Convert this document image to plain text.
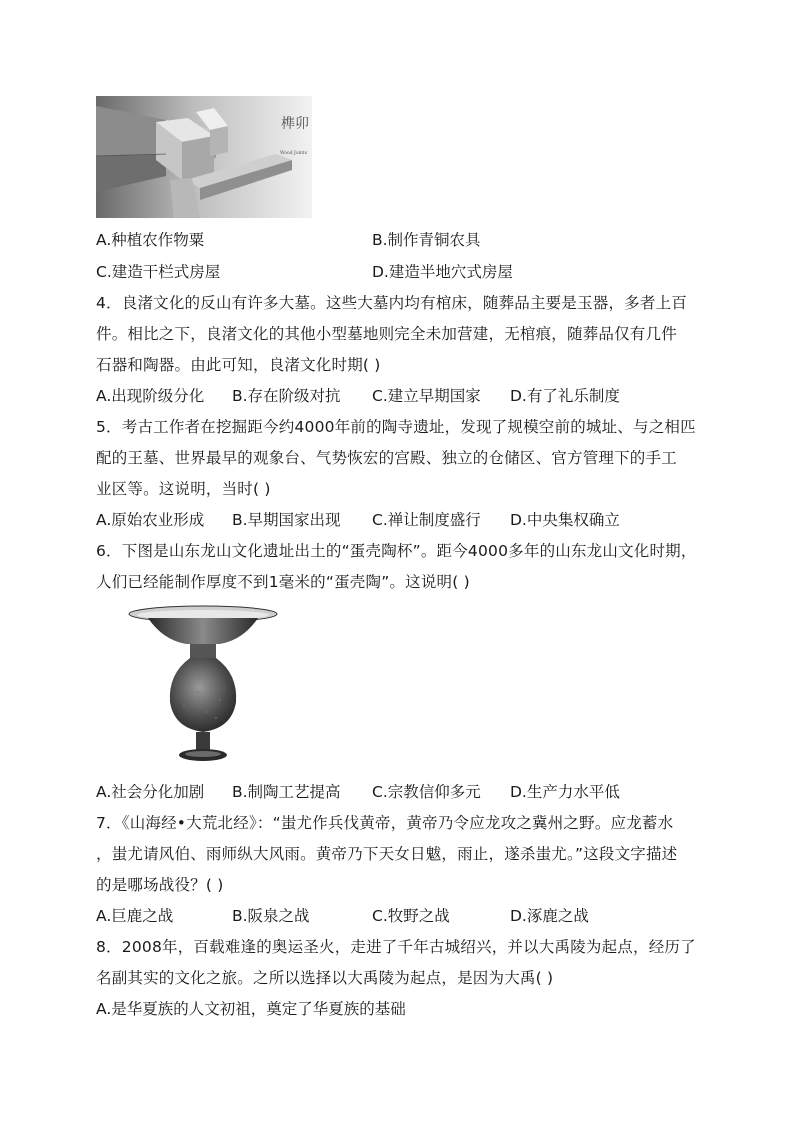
榫卯
Wood Joints
A.种植农作物粟	B.制作青铜农具
C.建造干栏式房屋	D.建造半地穴式房屋
4．良渚文化的反山有许多大墓。这些大墓内均有棺床，随葬品主要是玉器，多者上百
件。相比之下，良渚文化的其他小型墓地则完全未加营建，无棺痕，随葬品仅有几件
石器和陶器。由此可知，良渚文化时期( )
A.出现阶级分化 B.存在阶级对抗 C.建立早期国家 D.有了礼乐制度
5．考古工作者在挖掘距今约4000年前的陶寺遗址，发现了规模空前的城址、与之相匹
配的王墓、世界最早的观象台、气势恢宏的宫殿、独立的仓储区、官方管理下的手工
业区等。这说明，当时( )
A.原始农业形成 B.早期国家出现 C.禅让制度盛行 D.中央集权确立
6．下图是山东龙山文化遗址出土的“蛋壳陶杯”。距今4000多年的山东龙山文化时期，
人们已经能制作厚度不到1毫米的“蛋壳陶”。这说明( )
A.社会分化加剧 B.制陶工艺提高 C.宗教信仰多元 D.生产力水平低
7．《山海经•大荒北经》：“蚩尤作兵伐黄帝，黄帝乃令应龙攻之冀州之野。应龙蓄水
，蚩尤请风伯、雨师纵大风雨。黄帝乃下天女日魃，雨止，遂杀蚩尤。”这段文字描述
的是哪场战役？( )
A.巨鹿之战	B.阪泉之战	C.牧野之战	D.涿鹿之战
8．2008年，百载难逢的奥运圣火，走进了千年古城绍兴，并以大禹陵为起点，经历了
名副其实的文化之旅。之所以选择以大禹陵为起点，是因为大禹( )
A.是华夏族的人文初祖，奠定了华夏族的基础
